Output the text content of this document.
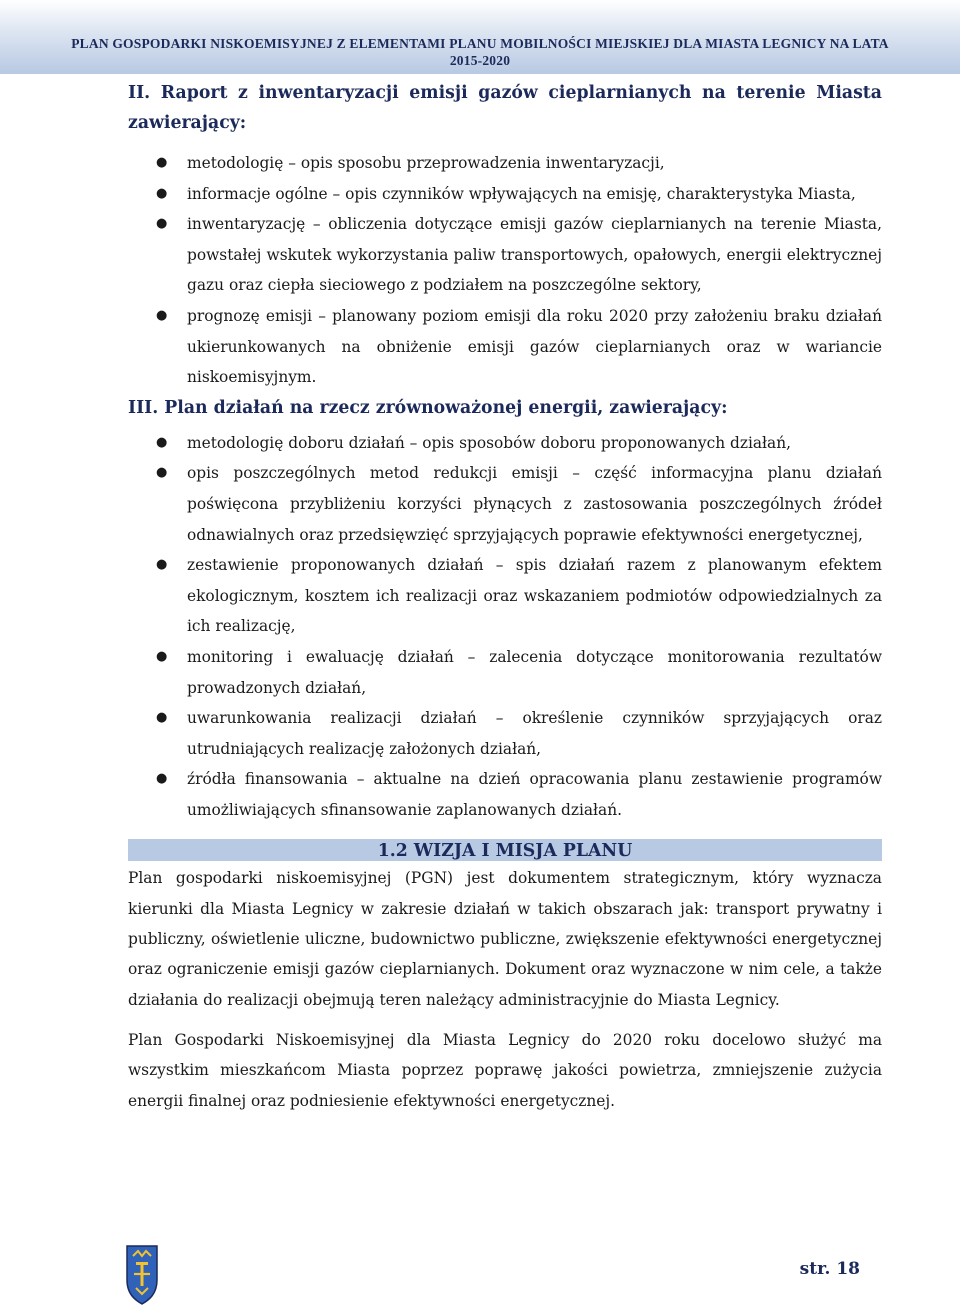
PLAN GOSPODARKI NISKOEMISYJNEJ Z ELEMENTAMI PLANU MOBILNOŚCI MIEJSKIEJ DLA MIASTA LEGNICY NA LATA 2015-2020

II. Raport z inwentaryzacji emisji gazów cieplarnianych na terenie Miasta zawierający:

● metodologię – opis sposobu przeprowadzenia inwentaryzacji,
● informacje ogólne – opis czynników wpływających na emisję, charakterystyka Miasta,
● inwentaryzację – obliczenia dotyczące emisji gazów cieplarnianych na terenie Miasta, powstałej wskutek wykorzystania paliw transportowych, opałowych, energii elektrycznej gazu oraz ciepła sieciowego z podziałem na poszczególne sektory,
● prognozę emisji – planowany poziom emisji dla roku 2020 przy założeniu braku działań ukierunkowanych na obniżenie emisji gazów cieplarnianych oraz w wariancie niskoemisyjnym.

III. Plan działań na rzecz zrównoważonej energii, zawierający:

● metodologię doboru działań – opis sposobów doboru proponowanych działań,
● opis poszczególnych metod redukcji emisji – część informacyjna planu działań poświęcona przybliżeniu korzyści płynących z zastosowania poszczególnych źródeł odnawialnych oraz przedsięwzięć sprzyjających poprawie efektywności energetycznej,
● zestawienie proponowanych działań – spis działań razem z planowanym efektem ekologicznym, kosztem ich realizacji oraz wskazaniem podmiotów odpowiedzialnych za ich realizację,
● monitoring i ewaluację działań – zalecenia dotyczące monitorowania rezultatów prowadzonych działań,
● uwarunkowania realizacji działań – określenie czynników sprzyjających oraz utrudniających realizację założonych działań,
● źródła finansowania – aktualne na dzień opracowania planu zestawienie programów umożliwiających sfinansowanie zaplanowanych działań.
1.2 WIZJA I MISJA PLANU

Plan gospodarki niskoemisyjnej (PGN) jest dokumentem strategicznym, który wyznacza kierunki dla Miasta Legnicy w zakresie działań w takich obszarach jak: transport prywatny i publiczny, oświetlenie uliczne, budownictwo publiczne, zwiększenie efektywności energetycznej oraz ograniczenie emisji gazów cieplarnianych. Dokument oraz wyznaczone w nim cele, a także działania do realizacji obejmują teren należący administracyjnie do Miasta Legnicy.

Plan Gospodarki Niskoemisyjnej dla Miasta Legnicy do 2020 roku docelowo służyć ma wszystkim mieszkańcom Miasta poprzez poprawę jakości powietrza, zmniejszenie zużycia energii finalnej oraz podniesienie efektywności energetycznej.

str. 18
